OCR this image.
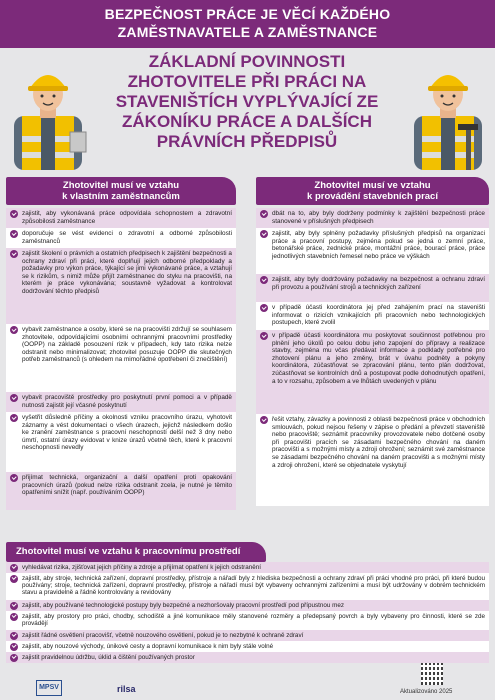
BEZPEČNOST PRÁCE JE VĚCÍ KAŽDÉHO
ZAMĚSTNAVATELE A ZAMĚSTNANCE
ZÁKLADNÍ POVINNOSTI
ZHOTOVITELE PŘI PRÁCI NA
STAVENIŠTÍCH VYPLÝVAJÍCÍ ZE
ZÁKONÍKU PRÁCE A DALŠÍCH
PRÁVNÍCH PŘEDPISŮ
Zhotovitel musí ve vztahu
k vlastním zaměstnancům
zajistit, aby vykonávaná práce odpovídala schopnostem a zdravotní způsobilosti zaměstnance
doporučuje se vést evidenci o zdravotní a odborné způsobilosti zaměstnanců
zajistit školení o právních a ostatních předpisech k zajištění bezpečnosti a ochrany zdraví při práci, které doplňují jejich odborné předpoklady a požadavky pro výkon práce, týkající se jimi vykonávané práce, a vztahují se k rizikům, s nimiž může přijít zaměstnanec do styku na pracovišti, na kterém je práce vykonávána; soustavně vyžadovat a kontrolovat dodržování těchto předpisů
vybavit zaměstnance a osoby, které se na pracovišti zdržují se souhlasem zhotovitele, odpovídajícími osobními ochrannými pracovními prostředky (OOPP) na základě posouzení rizik v případech, kdy tato rizika nelze odstranit nebo minimalizovat; zhotovitel posuzuje OOPP dle skutečných potřeb zaměstnanců (s ohledem na mimořádné opotřebení či znečištění)
vybavit pracoviště prostředky pro poskytnutí první pomoci a v případě nutnosti zajistit její včasné poskytnutí
vyšetřit důsledně příčiny a okolnosti vzniku pracovního úrazu, vyhotovit záznamy a vést dokumentaci o všech úrazech, jejichž následkem došlo ke zranění zaměstnance s pracovní neschopností delší než 3 dny nebo úmrtí, ostatní úrazy evidovat v knize úrazů včetně těch, které k pracovní neschopnosti nevedly
přijímat technická, organizační a další opatření proti opakování pracovních úrazů (pokud nelze rizika odstranit zcela, je nutné je těmito opatřeními snížit (např. používáním OOPP)
Zhotovitel musí ve vztahu
k provádění stavebních prací
dbát na to, aby byly dodrženy podmínky k zajištění bezpečnosti práce stanovené v příslušných předpisech
zajistit, aby byly splněny požadavky příslušných předpisů na organizaci práce a pracovní postupy, zejména pokud se jedná o zemní práce, betonářské práce, zednické práce, montážní práce, bourací práce, práce jednotlivých stavebních řemesel nebo práce ve výškách
zajistit, aby byly dodržovány požadavky na bezpečnost a ochranu zdraví při provozu a používání strojů a technických zařízení
v případě účasti koordinátora jej před zahájením prací na staveništi informovat o rizicích vznikajících při pracovních nebo technologických postupech, které zvolil
v případě účasti koordinátora mu poskytovat součinnost potřebnou pro plnění jeho úkolů po celou dobu jeho zapojení do přípravy a realizace stavby, zejména mu včas předávat informace a podklady potřebné pro zhotovení plánu a jeho změny, brát v úvahu podněty a pokyny koordinátora, zúčastňovat se zpracování plánu, tento plán dodržovat, zúčastňovat se kontrolních dnů a postupovat podle dohodnutých opatření, a to v rozsahu, způsobem a ve lhůtách uvedených v plánu
řešit vztahy, závazky a povinnosti z oblasti bezpečnosti práce v obchodních smlouvách, pokud nejsou řešeny v zápise o předání a převzetí staveniště nebo pracoviště; seznámit pracovníky provozovatele nebo dotčené osoby při pracovišti pracích se zásadami bezpečného chování na daném pracovišti a s možnými místy a zdroji ohrožení; seznámit své zaměstnance se zásadami bezpečného chování na daném pracovišti a s možnými místy a zdroji ohrožení, které se objednatele vyskytují
Zhotovitel musí ve vztahu k pracovnímu prostředí
vyhledávat rizika, zjišťovat jejich příčiny a zdroje a přijímat opatření k jejich odstranění
zajistit, aby stroje, technická zařízení, dopravní prostředky, přístroje a nářadí byly z hlediska bezpečnosti a ochrany zdraví při práci vhodné pro práci, při které budou používány; stroje, technická zařízení, dopravní prostředky, přístroje a nářadí musí být vybaveny ochrannými zařízeními a musí být udržovány v dobrém technickém stavu a pravidelně a řádně kontrolovány a revidovány
zajistit, aby používané technologické postupy byly bezpečné a nezhoršovaly pracovní prostředí pod přípustnou mez
zajistit, aby prostory pro práci, chodby, schodiště a jiné komunikace měly stanovené rozměry a předepsaný povrch a byly vybaveny pro činnosti, které se zde provádějí
zajistit řádné osvětlení pracovišť, včetně nouzového osvětlení, pokud je to nezbytné k ochraně zdraví
zajistit, aby nouzové východy, únikové cesty a dopravní komunikace k nim byly stále volné
zajistit pravidelnou údržbu, úklid a čištění používaných prostor
MPSV	rilsa	Aktualizováno 2025
